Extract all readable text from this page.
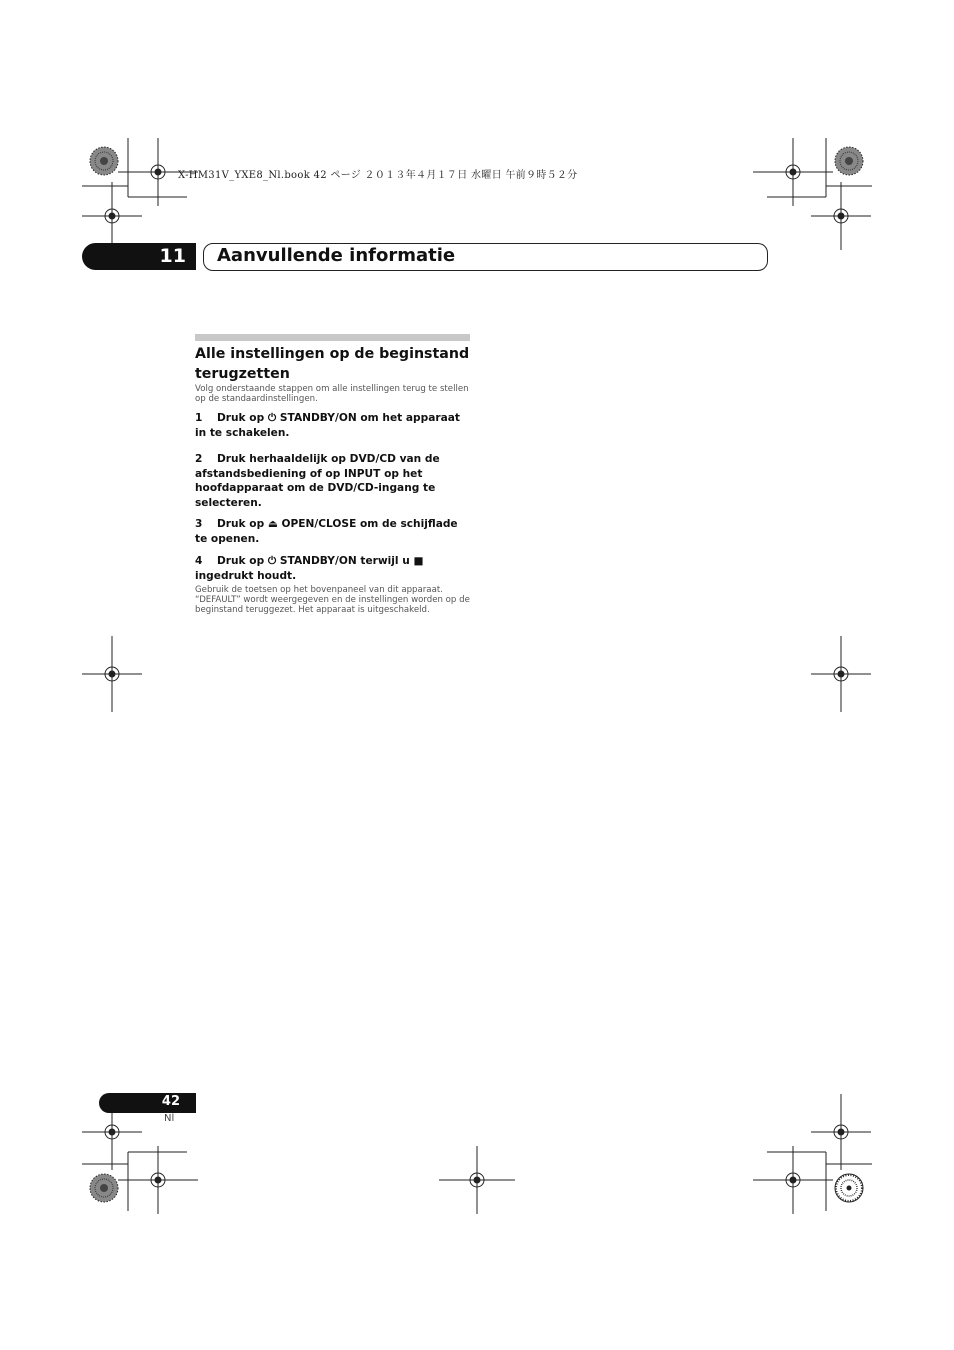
X-HM31V_YXE8_Nl.book 42 ページ ２０１３年４月１７日 水曜日 午前９時５２分
11 Aanvullende informatie
Alle instellingen op de beginstand terugzetten
Volg onderstaande stappen om alle instellingen terug te stellen op de standaardinstellingen.
1 Druk op ⏻ STANDBY/ON om het apparaat in te schakelen.
2 Druk herhaaldelijk op DVD/CD van de afstandsbediening of op INPUT op het hoofdapparaat om de DVD/CD-ingang te selecteren.
3 Druk op ⏏ OPEN/CLOSE om de schijflade te openen.
4 Druk op ⏻ STANDBY/ON terwijl u ■ ingedrukt houdt.
Gebruik de toetsen op het bovenpaneel van dit apparaat. “DEFAULT” wordt weergegeven en de instellingen worden op de beginstand teruggezet. Het apparaat is uitgeschakeld.
42
Nl
